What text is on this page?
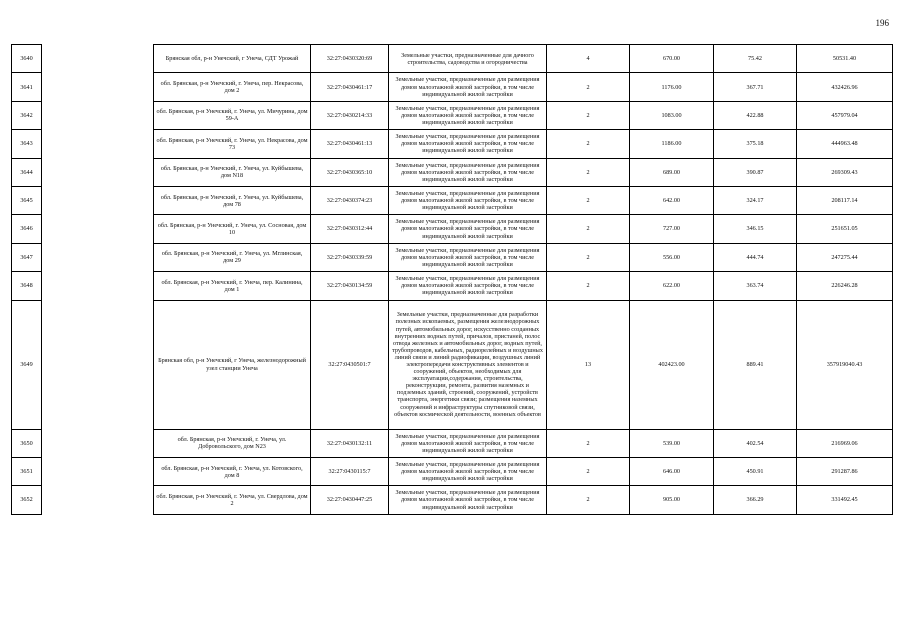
196
3640		Брянская обл, р-н Унечский, г Унеча, СДТ Урожай	32:27:0430320:69	Земельные участки, предназначенные для дачного строительства, садоводства и огородничества	4	670.00	75.42	50531.40
3641		обл. Брянская, р-н Унечский, г. Унеча, пер. Некрасова, дом 2	32:27:0430461:17	Земельные участки, предназначенные для размещения домов малоэтажной жилой застройки, в том числе индивидуальной жилой застройки	2	1176.00	367.71	432426.96
3642		обл. Брянская, р-н Унечский, г. Унеча, ул. Мичурина, дом 59-А	32:27:0430214:33	Земельные участки, предназначенные для размещения домов малоэтажной жилой застройки, в том числе индивидуальной жилой застройки	2	1083.00	422.88	457979.04
3643		обл. Брянская, р-н Унечский, г. Унеча, ул. Некрасова, дом 73	32:27:0430461:13	Земельные участки, предназначенные для размещения домов малоэтажной жилой застройки, в том числе индивидуальной жилой застройки	2	1186.00	375.18	444963.48
3644		обл. Брянская, р-н Унечский, г. Унеча, ул. Куйбышева, дом N18	32:27:0430365:10	Земельные участки, предназначенные для размещения домов малоэтажной жилой застройки, в том числе индивидуальной жилой застройки	2	689.00	390.87	269309.43
3645		обл. Брянская, р-н Унечский, г. Унеча, ул. Куйбышева, дом 78	32:27:0430374:23	Земельные участки, предназначенные для размещения домов малоэтажной жилой застройки, в том числе индивидуальной жилой застройки	2	642.00	324.17	208117.14
3646		обл. Брянская, р-н Унечский, г. Унеча, ул. Сосновая, дом 10	32:27:0430312:44	Земельные участки, предназначенные для размещения домов малоэтажной жилой застройки, в том числе индивидуальной жилой застройки	2	727.00	346.15	251651.05
3647		обл. Брянская, р-н Унечский, г. Унеча, ул. Мглинская, дом 29	32:27:0430339:59	Земельные участки, предназначенные для размещения домов малоэтажной жилой застройки, в том числе индивидуальной жилой застройки	2	556.00	444.74	247275.44
3648		обл. Брянская, р-н Унечский, г. Унеча, пер. Калинина, дом 1	32:27:0430134:59	Земельные участки, предназначенные для размещения домов малоэтажной жилой застройки, в том числе индивидуальной жилой застройки	2	622.00	363.74	226246.28
3649		Брянская обл, р-н Унечский, г Унеча, железнодорожный узел станции Унеча	32:27:0430501:7	Земельные участки, предназначенные для разработки полезных ископаемых, размещения железнодорожных путей, автомобильных дорог, искусственно созданных внутренних водных путей, причалов, пристаней, полос отвода железных и автомобильных дорог, водных путей, трубопроводов, кабельных, радиорелейных и воздушных линий связи и линий радиофикации, воздушных линий электропередачи конструктивных элементов и сооружений, объектов, необходимых для эксплуатации,содержания, строительства, реконструкции, ремонта, развития наземных и подземных зданий, строений, сооружений, устройств транспорта, энергетики связи; размещения наземных сооружений и инфраструктуры спутниковой связи, объектов космической деятельности, военных объектов	13	402423.00	889.41	357919040.43
3650		обл. Брянская, р-н Унечский, г. Унеча, ул. Добровольского, дом N23	32:27:0430132:11	Земельные участки, предназначенные для размещения домов малоэтажной жилой застройки, в том числе индивидуальной жилой застройки	2	539.00	402.54	216969.06
3651		обл. Брянская, р-н Унечский, г. Унеча, ул. Котовского, дом 8	32:27:0430115:7	Земельные участки, предназначенные для размещения домов малоэтажной жилой застройки, в том числе индивидуальной жилой застройки	2	646.00	450.91	291287.86
3652		обл. Брянская, р-н Унечский, г. Унеча, ул. Свердлова, дом 2	32:27:0430447:25	Земельные участки, предназначенные для размещения домов малоэтажной жилой застройки, в том числе индивидуальной жилой застройки	2	905.00	366.29	331492.45
